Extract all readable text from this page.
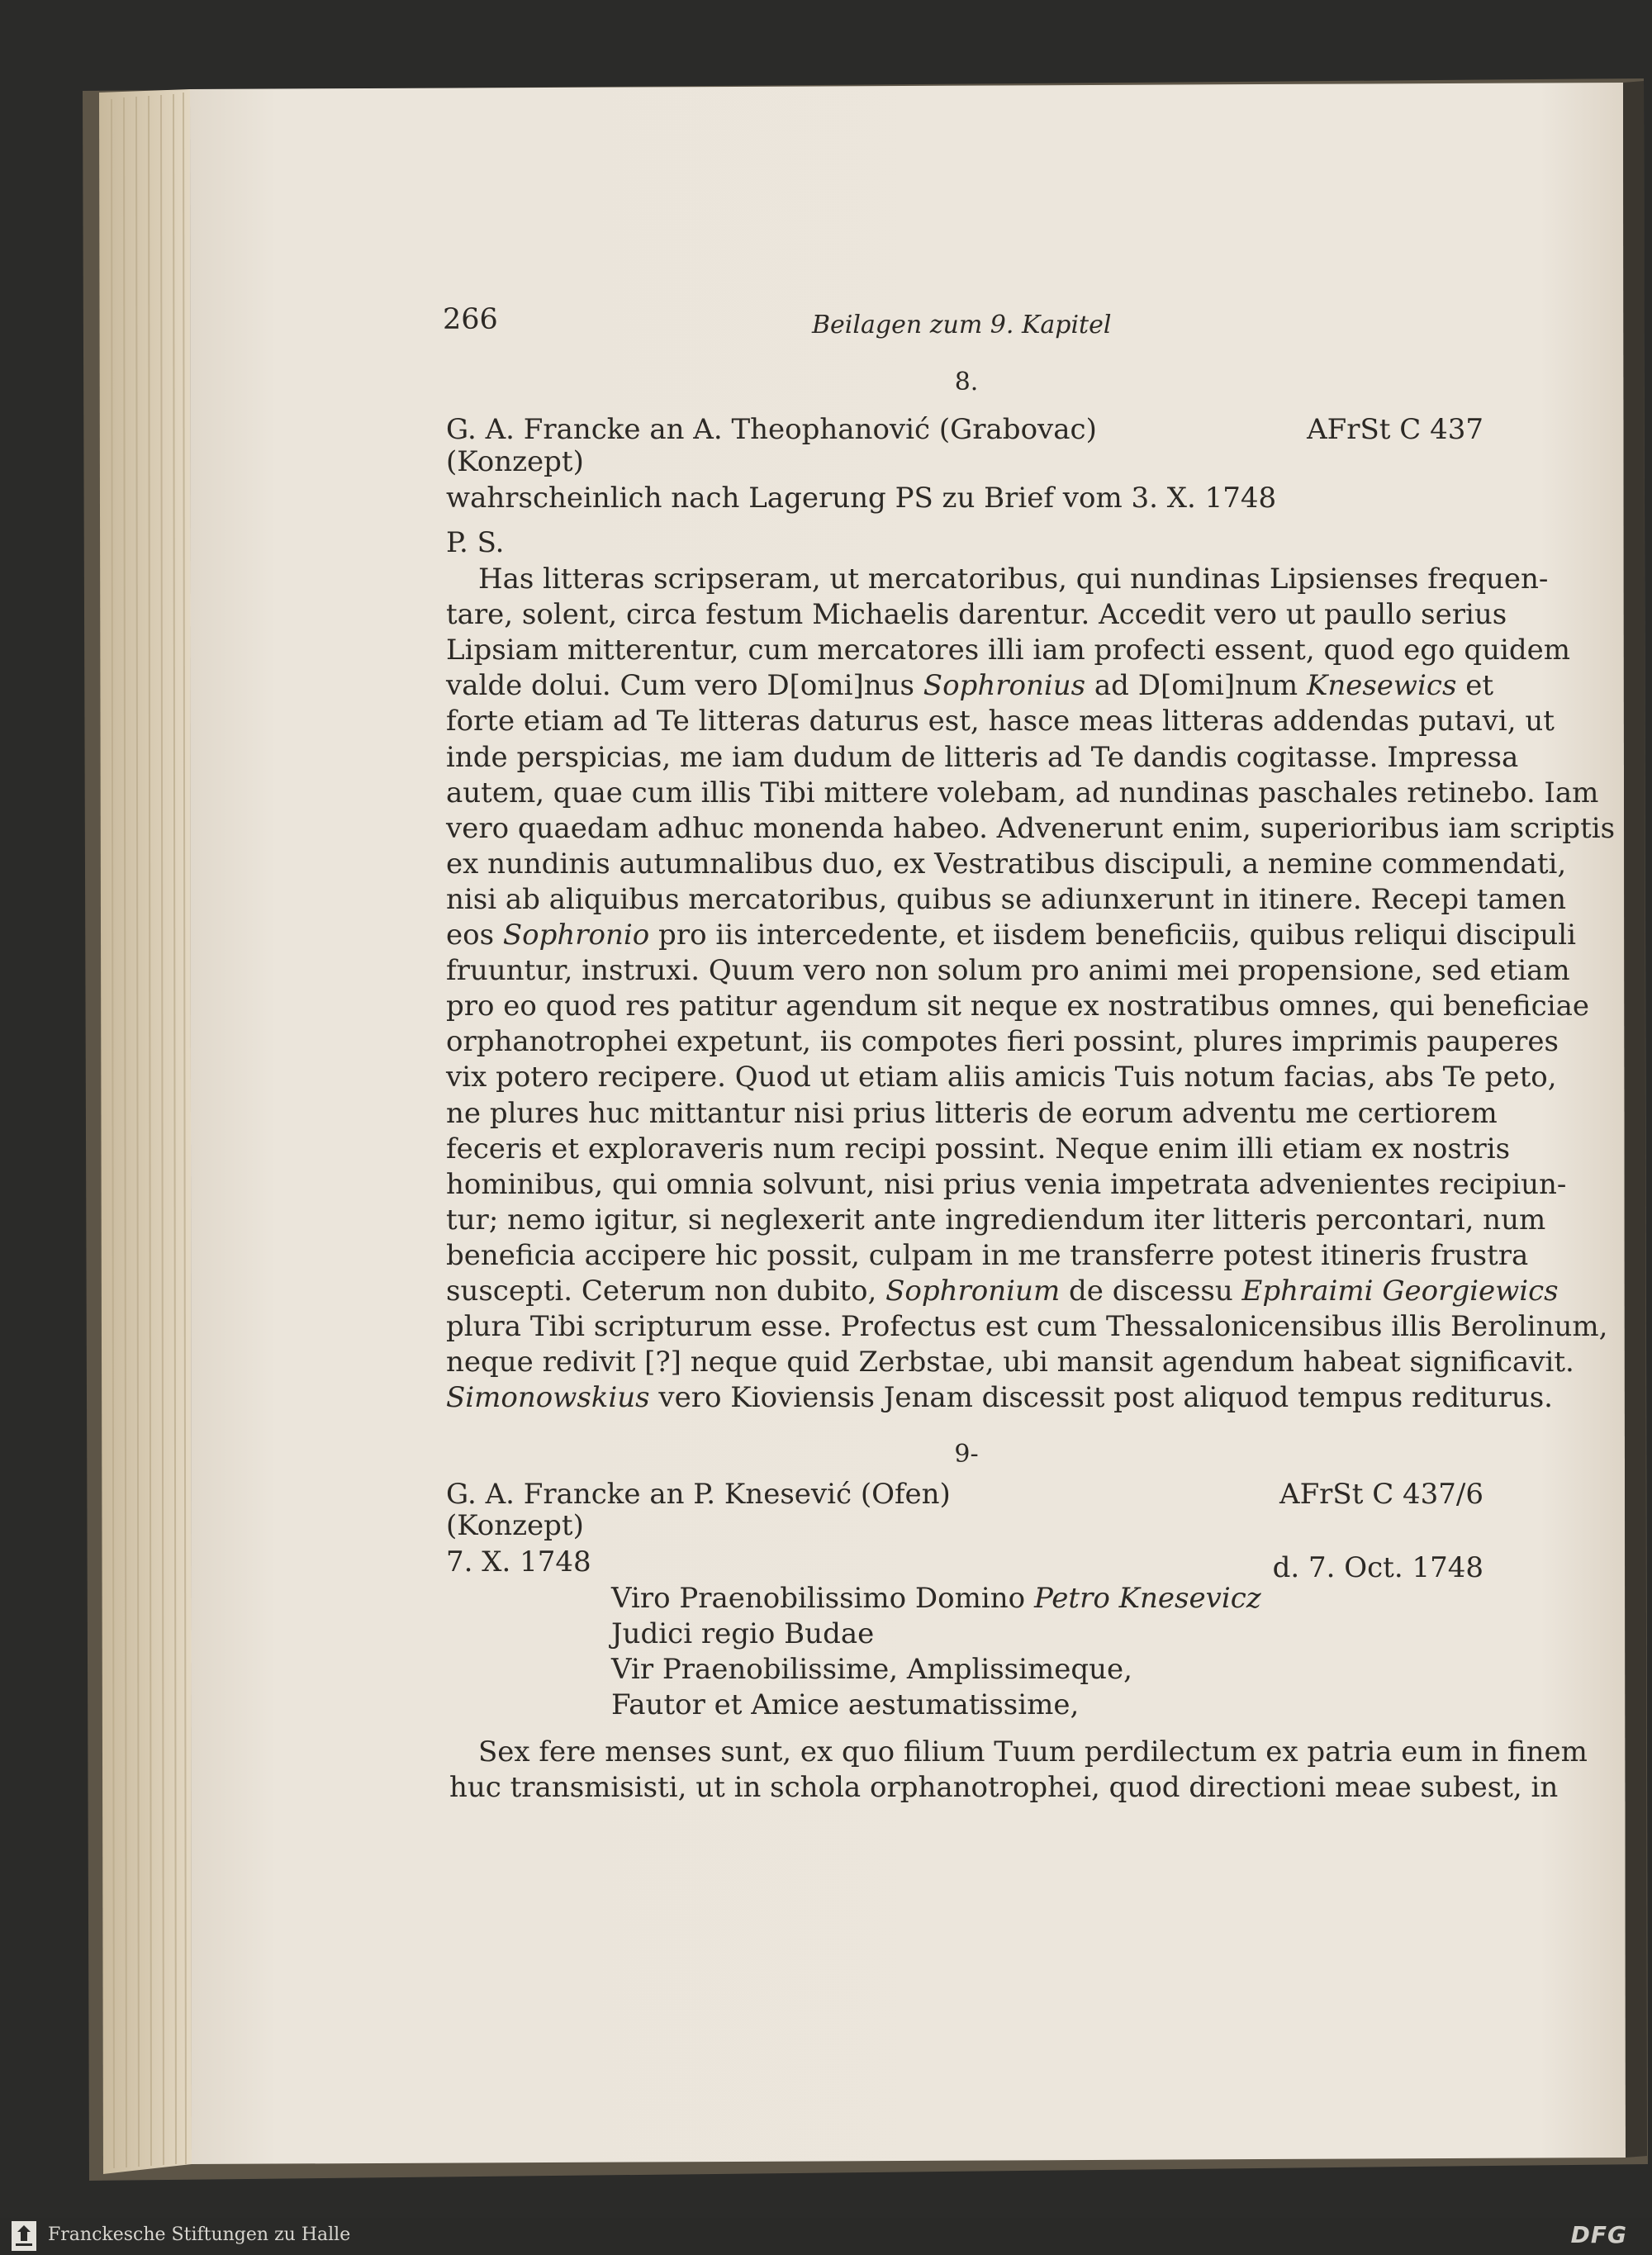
266	Beilagen zum 9. Kapitel
8.
G. A. Francke an A. Theophanović (Grabovac)	AFrSt C 437
(Konzept)
wahrscheinlich nach Lagerung PS zu Brief vom 3. X. 1748
P. S.
Has litteras scripseram, ut mercatoribus, qui nundinas Lipsienses frequen-
tare, solent, circa festum Michaelis darentur. Accedit vero ut paullo serius
Lipsiam mitterentur, cum mercatores illi iam profecti essent, quod ego quidem
valde dolui. Cum vero D[omi]nus Sophronius ad D[omi]num Knesewics et
forte etiam ad Te litteras daturus est, hasce meas litteras addendas putavi, ut
inde perspicias, me iam dudum de litteris ad Te dandis cogitasse. Impressa
autem, quae cum illis Tibi mittere volebam, ad nundinas paschales retinebo. Iam
vero quaedam adhuc monenda habeo. Advenerunt enim, superioribus iam scriptis
ex nundinis autumnalibus duo, ex Vestratibus discipuli, a nemine commendati,
nisi ab aliquibus mercatoribus, quibus se adiunxerunt in itinere. Recepi tamen
eos Sophronio pro iis intercedente, et iisdem beneficiis, quibus reliqui discipuli
fruuntur, instruxi. Quum vero non solum pro animi mei propensione, sed etiam
pro eo quod res patitur agendum sit neque ex nostratibus omnes, qui beneficiae
orphanotrophei expetunt, iis compotes fieri possint, plures imprimis pauperes
vix potero recipere. Quod ut etiam aliis amicis Tuis notum facias, abs Te peto,
ne plures huc mittantur nisi prius litteris de eorum adventu me certiorem
feceris et exploraveris num recipi possint. Neque enim illi etiam ex nostris
hominibus, qui omnia solvunt, nisi prius venia impetrata advenientes recipiun-
tur; nemo igitur, si neglexerit ante ingrediendum iter litteris percontari, num
beneficia accipere hic possit, culpam in me transferre potest itineris frustra
suscepti. Ceterum non dubito, Sophronium de discessu Ephraimi Georgiewics
plura Tibi scripturum esse. Profectus est cum Thessalonicensibus illis Berolinum,
neque redivit [?] neque quid Zerbstae, ubi mansit agendum habeat significavit.
Simonowskius vero Kioviensis Jenam discessit post aliquod tempus rediturus.
9-
G. A. Francke an P. Knesević (Ofen)	AFrSt C 437/6
(Konzept)
7. X. 1748	d. 7. Oct. 1748
Viro Praenobilissimo Domino Petro Knesevicz
Judici regio Budae
Vir Praenobilissime, Amplissimeque,
Fautor et Amice aestumatissime,
Sex fere menses sunt, ex quo filium Tuum perdilectum ex patria eum in finem
huc transmisisti, ut in schola orphanotrophei, quod directioni meae subest, in
Franckesche Stiftungen zu Halle	DFG
